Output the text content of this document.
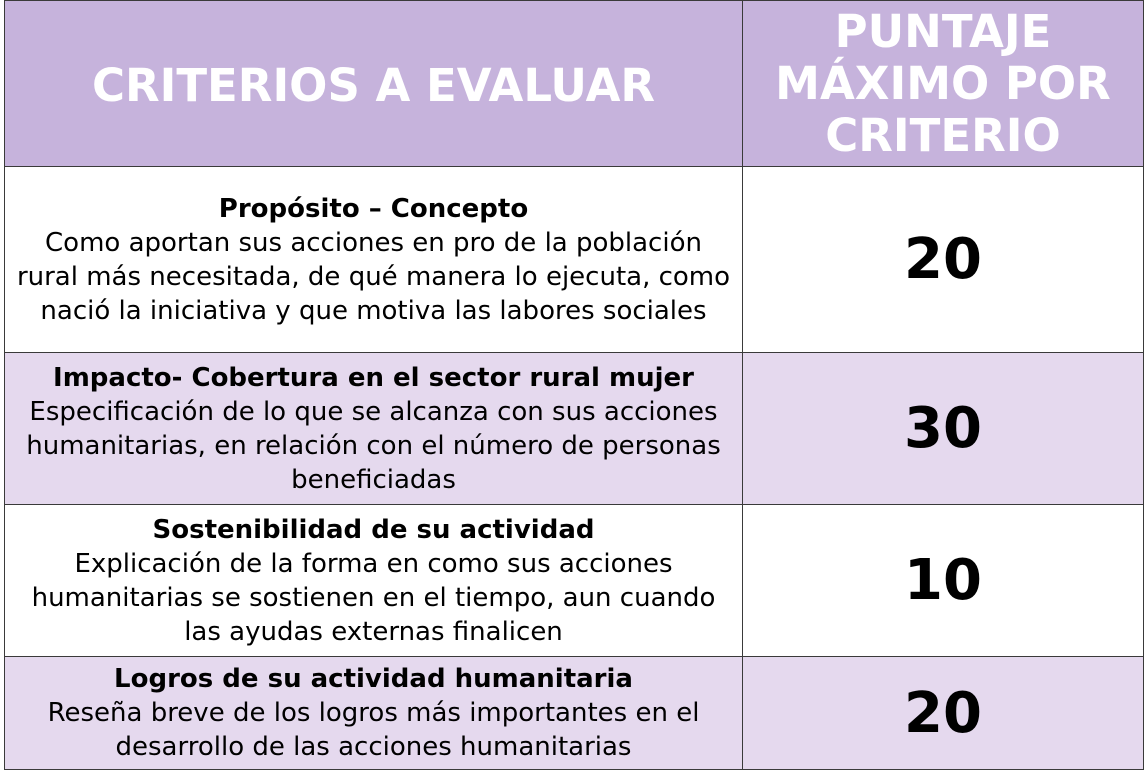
CRITERIOS A EVALUAR	PUNTAJE MÁXIMO POR CRITERIO

Propósito – Concepto
Como aportan sus acciones en pro de la población rural más necesitada, de qué manera lo ejecuta, como nació la iniciativa y que motiva las labores sociales	20

Impacto- Cobertura en el sector rural mujer
Especificación de lo que se alcanza con sus acciones humanitarias, en relación con el número de personas beneficiadas	30

Sostenibilidad de su actividad
Explicación de la forma en como sus acciones humanitarias se sostienen en el tiempo, aun cuando las ayudas externas finalicen	10

Logros de su actividad humanitaria
Reseña breve de los logros más importantes en el desarrollo de las acciones humanitarias	20
